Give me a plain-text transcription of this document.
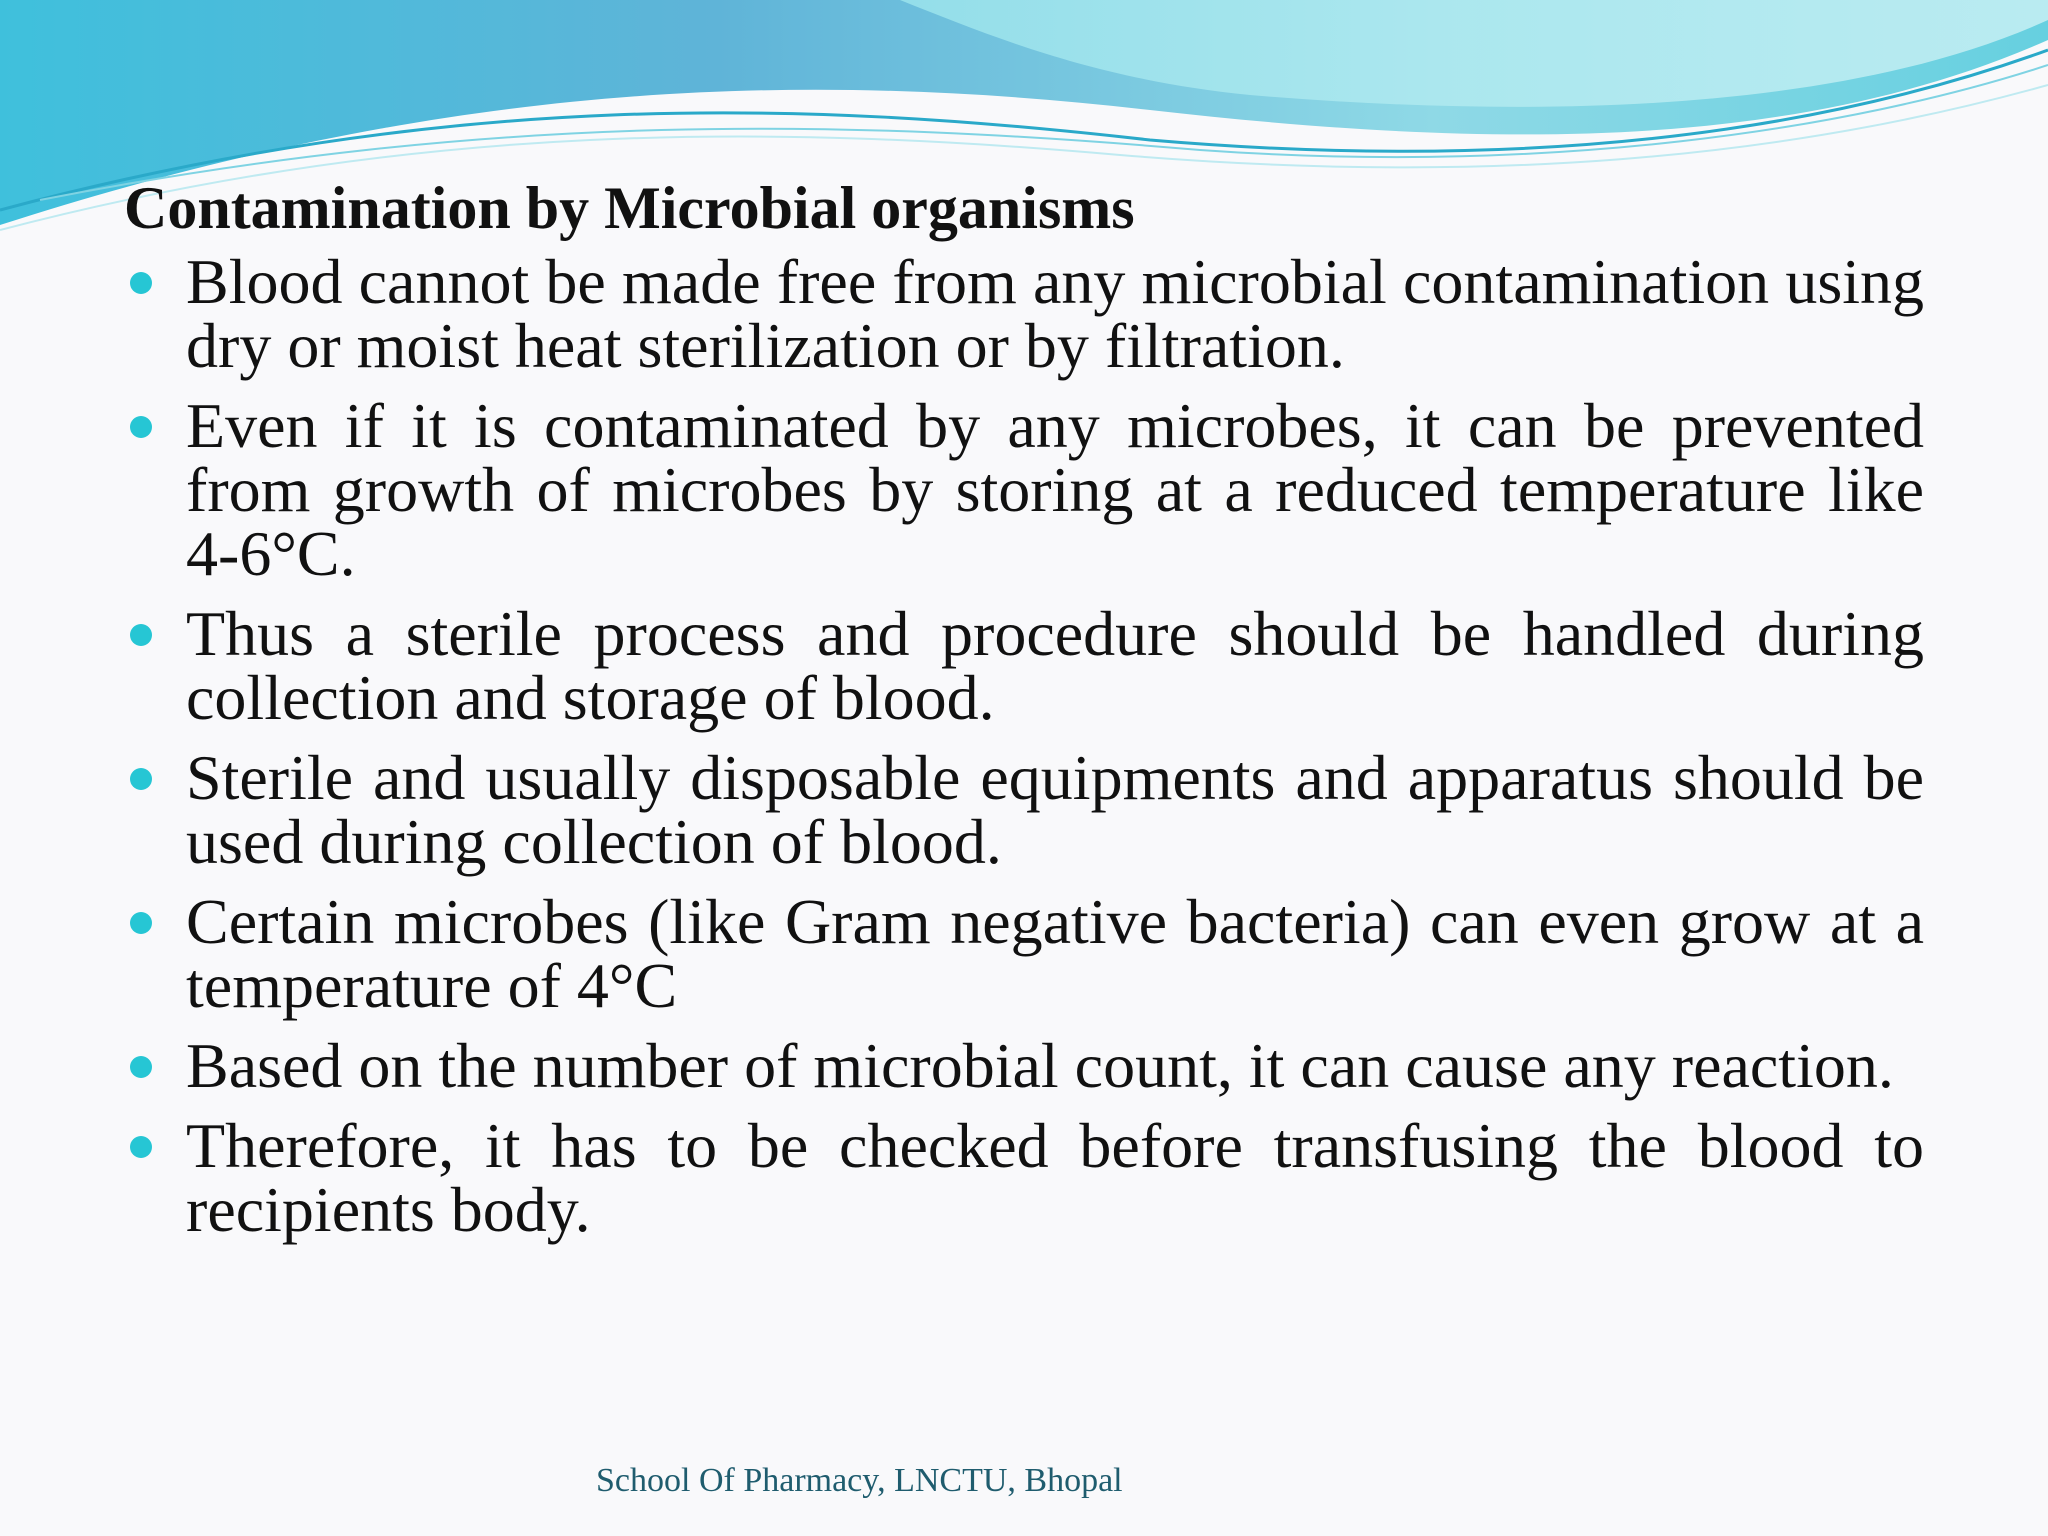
Contamination by Microbial organisms
Blood cannot be made free from any microbial contamination using dry or moist heat sterilization or by filtration.
Even if it is contaminated by any microbes, it can be prevented from growth of microbes by storing at a reduced temperature like 4-6°C.
Thus a sterile process and procedure should be handled during collection and storage of blood.
Sterile and usually disposable equipments and apparatus should be used during collection of blood.
Certain microbes (like Gram negative bacteria) can even grow at a temperature of 4°C
Based on the number of microbial count, it can cause any reaction.
Therefore, it has to be checked before transfusing the blood to recipients body.
School Of Pharmacy, LNCTU, Bhopal
